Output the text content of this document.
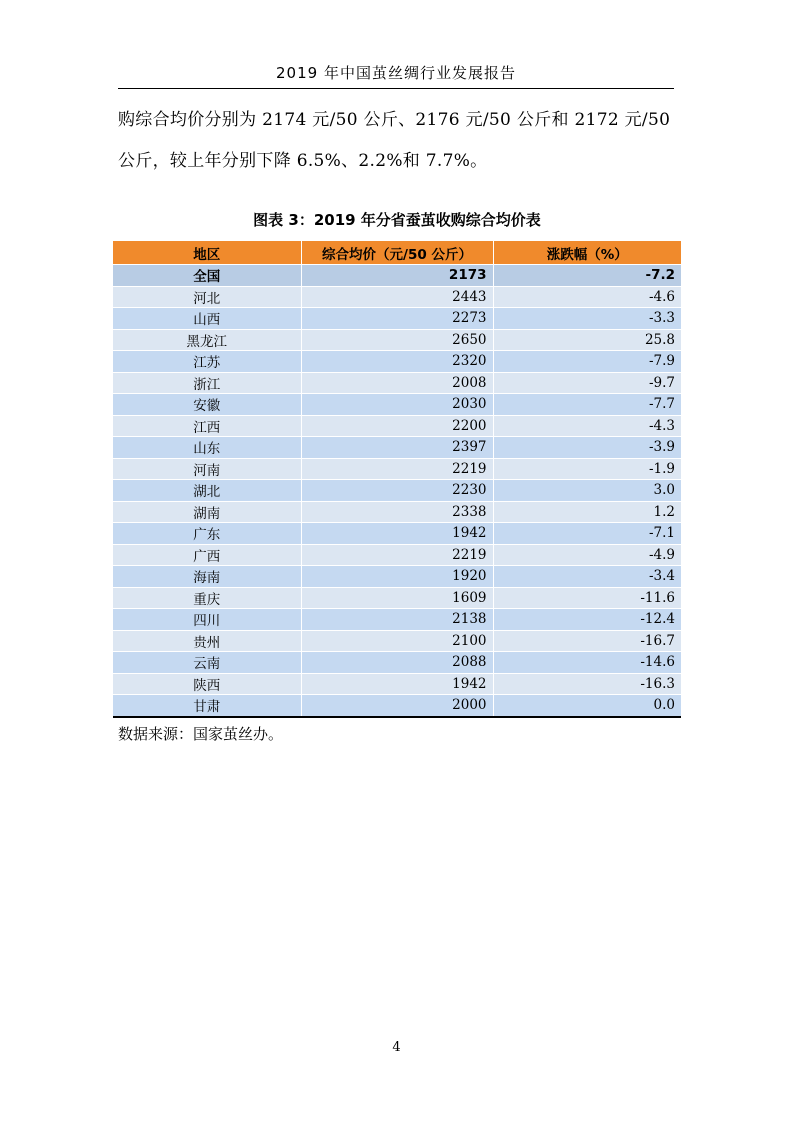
2019 年中国茧丝绸行业发展报告

购综合均价分别为 2174 元/50 公斤、2176 元/50 公斤和 2172 元/50

公斤，较上年分别下降 6.5%、2.2%和 7.7%。

图表 3：2019 年分省蚕茧收购综合均价表
地区	综合均价（元/50 公斤）	涨跌幅（%）
全国	2173	-7.2
河北	2443	-4.6
山西	2273	-3.3
黑龙江	2650	25.8
江苏	2320	-7.9
浙江	2008	-9.7
安徽	2030	-7.7
江西	2200	-4.3
山东	2397	-3.9
河南	2219	-1.9
湖北	2230	3.0
湖南	2338	1.2
广东	1942	-7.1
广西	2219	-4.9
海南	1920	-3.4
重庆	1609	-11.6
四川	2138	-12.4
贵州	2100	-16.7
云南	2088	-14.6
陕西	1942	-16.3
甘肃	2000	0.0
数据来源：国家茧丝办。
4
